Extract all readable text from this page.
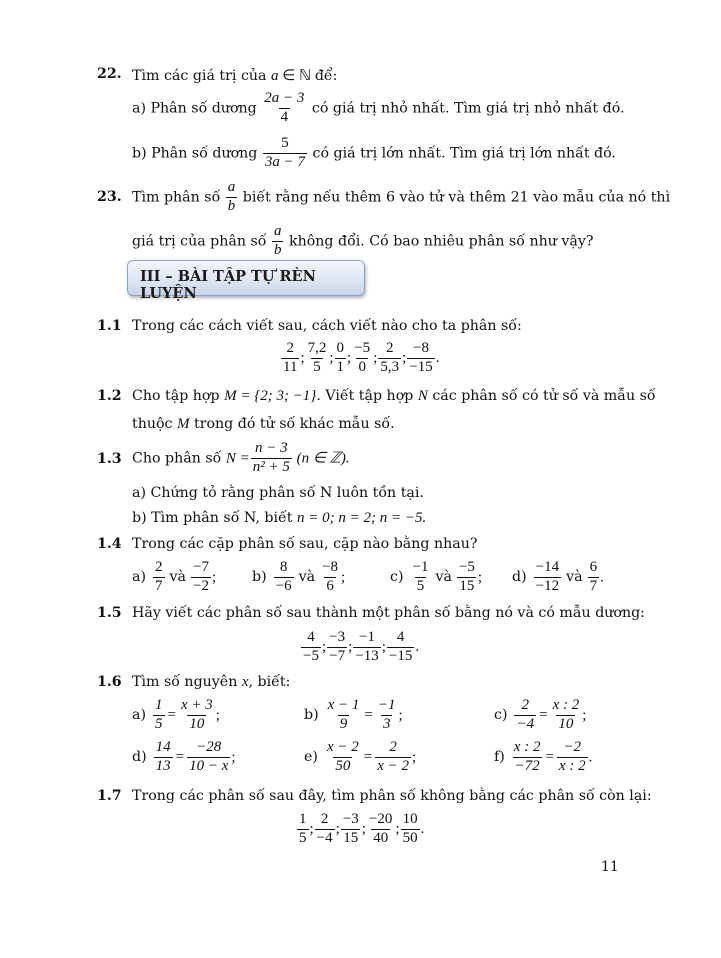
22. Tìm các giá trị của a ∈ ℕ để:
a) Phân số dương $\frac{2a - 3}{4}$ có giá trị nhỏ nhất. Tìm giá trị nhỏ nhất đó.
b) Phân số dương $\frac{5}{3a - 7}$ có giá trị lớn nhất. Tìm giá trị lớn nhất đó.
23. Tìm phân số $\frac{a}{b}$ biết rằng nếu thêm 6 vào tử và thêm 21 vào mẫu của nó thì
giá trị của phân số $\frac{a}{b}$ không đổi. Có bao nhiêu phân số như vậy?
III – BÀI TẬP TỰ RÈN LUYỆN
1.1 Trong các cách viết sau, cách viết nào cho ta phân số:
$\frac{2}{11}$ ; $\frac{7,2}{5}$ ; $\frac{0}{1}$ ; $\frac{-5}{0}$ ; $\frac{2}{5,3}$ ; $\frac{-8}{-15}$ .
1.2 Cho tập hợp M = {2; 3; −1}. Viết tập hợp N các phân số có tử số và mẫu số
thuộc M trong đó tử số khác mẫu số.
1.3 Cho phân số $N = \frac{n - 3}{\text{n² + 5}} (n$ ∈ ℤ).
a) Chứng tỏ rằng phân số N luôn tồn tại.
b) Tìm phân số N, biết n = 0; n = 2; n = −5.
1.4 Trong các cặp phân số sau, cặp nào bằng nhau?
$a) \frac{2}{7}$ và $\frac{-7}{-2}$ ;	$b) \frac{8}{-6}$ và $\frac{-8}{6}$ ;	$c) \frac{-1}{5}$ và $\frac{-5}{15}$ ; $d) \frac{-14}{-12}$ và $\frac{6}{7}$ .
1.5 Hãy viết các phân số sau thành một phân số bằng nó và có mẫu dương:
$\frac{4}{-5}$ ; $\frac{-3}{-7}$ ; $\frac{-1}{-13}$ ; $\frac{4}{-15}$ .
1.6 Tìm số nguyên x, biết:
$a) \frac{1}{5} = \frac{x + 3}{10}$ ;	$b) \frac{x - 1}{9} = \frac{-1}{3}$ ;	$c) \frac{2}{-4} = \frac{x : 2}{10}$ ;
$d) \frac{14}{13} = \frac{-28}{10 - x}$ ;	$e) \frac{x - 2}{50} = \frac{2}{x - 2}$ ;	$f) \frac{x : 2}{-72} = \frac{-2}{x : 2}$ .
1.7 Trong các phân số sau đây, tìm phân số không bằng các phân số còn lại:
$\frac{1}{5}$ ; $\frac{2}{-4}$ ; $\frac{-3}{15}$ ; $\frac{-20}{40}$ ; $\frac{10}{50}$ .
11
